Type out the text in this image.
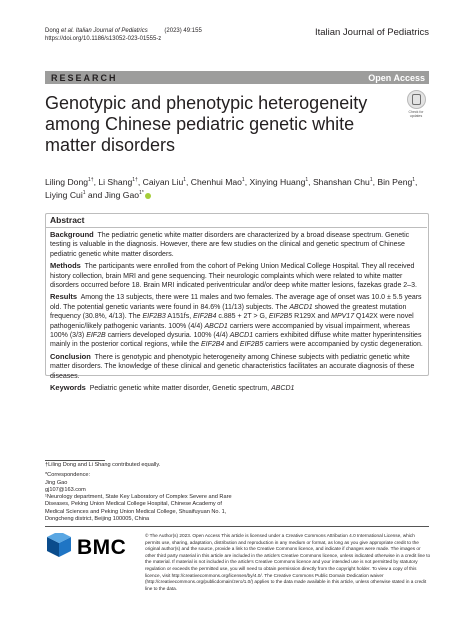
Dong et al. Italian Journal of Pediatrics	(2023) 49:155
https://doi.org/10.1186/s13052-023-01555-z
Italian Journal of Pediatrics
RESEARCH	Open Access
Genotypic and phenotypic heterogeneity among Chinese pediatric genetic white matter disorders
Check for
updates
Liling Dong$^{1\dagger}$, Li Shang$^{1\dagger}$, Caiyan Liu$^1$, Chenhui Mao$^1$, Xinying Huang$^1$, Shanshan Chu$^1$, Bin Peng$^1$, Liying Cui$^1$ and Jing Gao$^{1*}$
Abstract

Background The pediatric genetic white matter disorders are characterized by a broad disease spectrum. Genetic testing is valuable in the diagnosis. However, there are few studies on the clinical and genetic spectrum of Chinese pediatric genetic white matter disorders.

Methods The participants were enrolled from the cohort of Peking Union Medical College Hospital. They all received history collection, brain MRI and gene sequencing. Their neurologic complaints which were related to white matter disorders occurred before 18. Brain MRI indicated periventricular and/or deep white matter lesions, fazekas grade 2–3.

Results Among the 13 subjects, there were 11 males and two females. The average age of onset was 10.0 ± 5.5 years old. The potential genetic variants were found in 84.6% (11/13) subjects. The ABCD1 showed the greatest mutation frequency (30.8%, 4/13). The EIF2B3 A151fs, EIF2B4 c.885 + 2T > G, EIF2B5 R129X and MPV17 Q142X were novel pathogenic/likely pathogenic variants. 100% (4/4) ABCD1 carriers were accompanied by visual impairment, whereas 100% (3/3) EIF2B carriers developed dysuria. 100% (4/4) ABCD1 carriers exhibited diffuse white matter hyperintensities mainly in the posterior cortical regions, while the EIF2B4 and EIF2B5 carriers were accompanied by cystic degeneration.

Conclusion There is genotypic and phenotypic heterogeneity among Chinese subjects with pediatric genetic white matter disorders. The knowledge of these clinical and genetic characteristics facilitates an accurate diagnosis of these diseases.

Keywords Pediatric genetic white matter disorder, Genetic spectrum, ABCD1

†Liling Dong and Li Shang contributed equally.

*Correspondence:
Jing Gao
gj107@163.com
¹Neurology department, State Key Laboratory of Complex Severe and Rare Diseases, Peking Union Medical College Hospital, Chinese Academy of Medical Sciences and Peking Union Medical College, Shuaifuyuan No. 1, Dongcheng district, Beijing 100005, China

BMC
© The Author(s) 2023. Open Access This article is licensed under a Creative Commons Attribution 4.0 International License, which permits use, sharing, adaptation, distribution and reproduction in any medium or format, as long as you give appropriate credit to the original author(s) and the source, provide a link to the Creative Commons licence, and indicate if changes were made. The images or other third party material in this article are included in the article's Creative Commons licence, unless indicated otherwise in a credit line to the material. If material is not included in the article's Creative Commons licence and your intended use is not permitted by statutory regulation or exceeds the permitted use, you will need to obtain permission directly from the copyright holder. To view a copy of this licence, visit http://creativecommons.org/licenses/by/4.0/. The Creative Commons Public Domain Dedication waiver (http://creativecommons.org/publicdomain/zero/1.0/) applies to the data made available in this article, unless otherwise stated in a credit line to the data.
